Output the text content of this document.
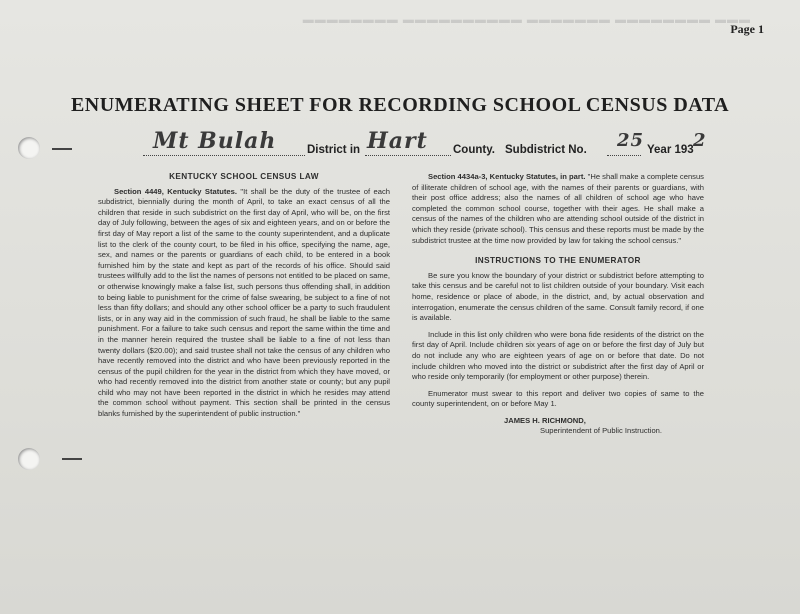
▬▬▬ ▬▬▬▬▬▬▬▬ ▬▬▬▬▬▬▬ ▬▬▬▬▬▬▬▬▬▬ ▬▬▬▬▬▬▬▬
Page 1
ENUMERATING SHEET FOR RECORDING SCHOOL CENSUS DATA
Mt Bulah	District in Hart County. Subdistrict No. 25 Year 193 2
KENTUCKY SCHOOL CENSUS LAW

Section 4449, Kentucky Statutes. "It shall be the duty of the trustee of each subdistrict, biennially during the month of April, to take an exact census of all the children that reside in such subdistrict on the first day of April, who will be, on the first day of July following, between the ages of six and eighteen years, and on or before the first day of May report a list of the same to the county superintendent, and a duplicate list to the clerk of the county court, to be filed in his office, specifying the name, age, sex, and names or the parents or guardians of each child, to be entered in a book furnished him by the state and kept as part of the records of his office. Should said trustees willfully add to the list the names of persons not entitled to be placed on same, or otherwise knowingly make a false list, such persons thus offending shall, in addition to being liable to punishment for the crime of false swearing, be subject to a fine of not less than fifty dollars; and should any other school officer be a party to such fraudulent lists, or in any way aid in the commission of such fraud, he shall be liable to the same punishment. For a failure to take such census and report the same within the time and in the manner herein required the trustee shall be liable to a fine of not less than twenty dollars ($20.00); and said trustee shall not take the census of any children who have recently removed into the district and who have been previously reported in the census of the pupil children for the year in the district from which they have moved, or who had recently removed into the district from another state or county; but any pupil child who may not have been reported in the district in which he resides may attend the common school without payment. This section shall be printed in the census blanks furnished by the superintendent of public instruction."

Section 4434a-3, Kentucky Statutes, in part. "He shall make a complete census of illiterate children of school age, with the names of their parents or guardians, with their post office address; also the names of all children of school age who have completed the common school course, together with their ages. He shall make a census of the names of the children who are attending school outside of the district in which they reside (private school). This census and these reports must be made by the subdistrict trustee at the time now provided by law for taking the school census."

INSTRUCTIONS TO THE ENUMERATOR

Be sure you know the boundary of your district or subdistrict before attempting to take this census and be careful not to list children outside of your boundary. Visit each home, residence or place of abode, in the district, and, by actual observation and interrogation, enumerate the census children of the same. Consult family record, if one is available.

Include in this list only children who were bona fide residents of the district on the first day of April. Include children six years of age on or before the first day of July but do not include any who are eighteen years of age on or before that date. Do not include children who moved into the district or subdistrict after the first day of April or who reside only temporarily (for employment or other purpose) therein.

Enumerator must swear to this report and deliver two copies of same to the county superintendent, on or before May 1.

JAMES H. RICHMOND,
Superintendent of Public Instruction.
